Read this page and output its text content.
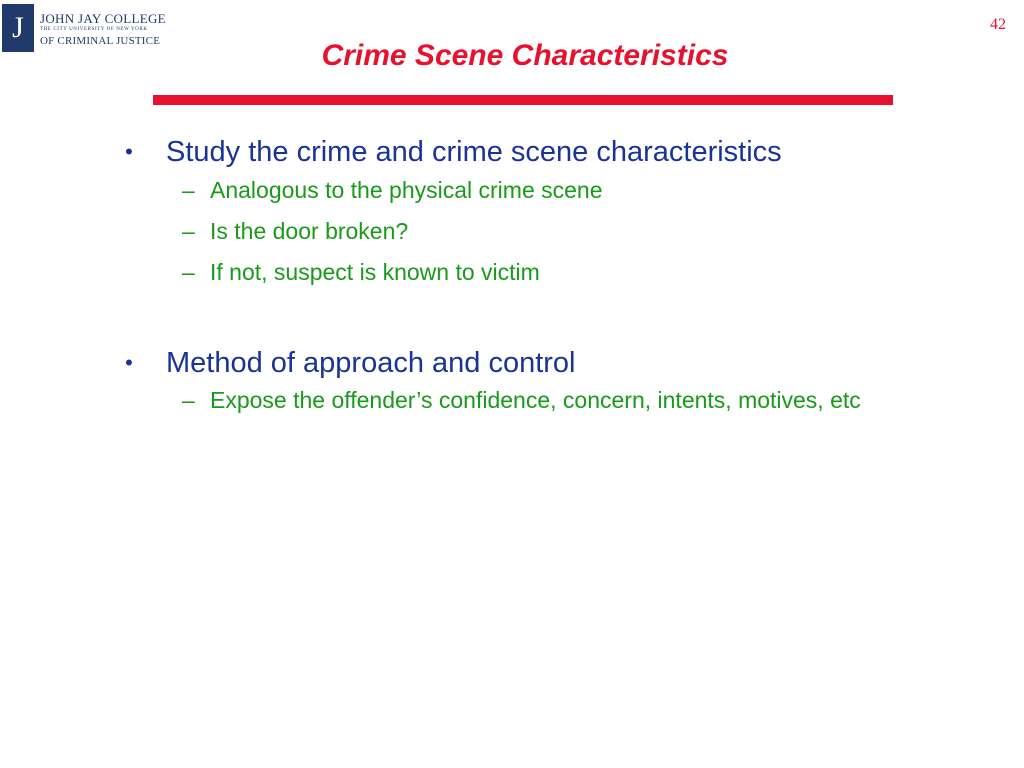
J	JOHN JAY COLLEGE
THE CITY UNIVERSITY OF NEW YORK
OF CRIMINAL JUSTICE
42
Crime Scene Characteristics
• Study the crime and crime scene characteristics
– Analogous to the physical crime scene
– Is the door broken?
– If not, suspect is known to victim
• Method of approach and control
– Expose the offender’s confidence, concern, intents, motives, etc
